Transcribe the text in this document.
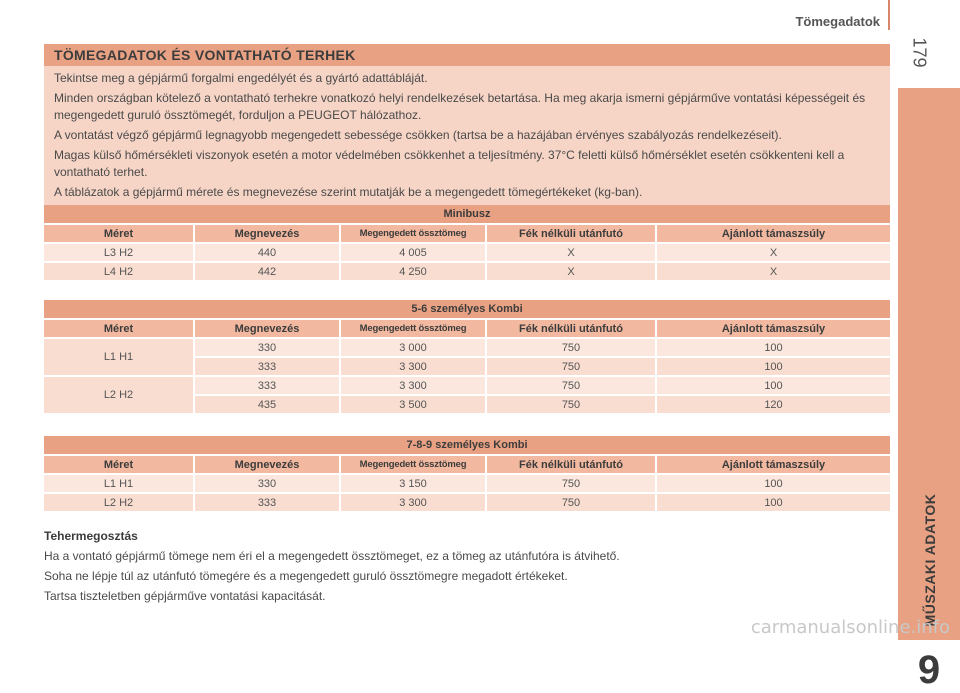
Tömegadatok
179
MŰSZAKI ADATOK
9
TÖMEGADATOK ÉS VONTATHATÓ TERHEK

Tekintse meg a gépjármű forgalmi engedélyét és a gyártó adattábláját.

Minden országban kötelező a vontatható terhekre vonatkozó helyi rendelkezések betartása. Ha meg akarja ismerni gépjárműve vontatási képességeit és megengedett guruló össztömegét, forduljon a PEUGEOT hálózathoz.

A vontatást végző gépjármű legnagyobb megengedett sebessége csökken (tartsa be a hazájában érvényes szabályozás rendelkezéseit).

Magas külső hőmérsékleti viszonyok esetén a motor védelmében csökkenhet a teljesítmény. 37°C feletti külső hőmérséklet esetén csökkenteni kell a vontatható terhet.

A táblázatok a gépjármű mérete és megnevezése szerint mutatják be a megengedett tömegértékeket (kg-ban).

Minibusz				
Méret	Megnevezés	Megengedett össztömeg	Fék nélküli utánfutó	Ajánlott támaszsúly
L3 H2	440	4 005	X	X
L4 H2	442	4 250	X	X
5-6 személyes Kombi				
Méret	Megnevezés	Megengedett össztömeg	Fék nélküli utánfutó	Ajánlott támaszsúly
L1 H1	330	3 000	750	100
	333	3 300	750	100
L2 H2	333	3 300	750	100
	435	3 500	750	120
7-8-9 személyes Kombi				
Méret	Megnevezés	Megengedett össztömeg	Fék nélküli utánfutó	Ajánlott támaszsúly
L1 H1	330	3 150	750	100
L2 H2	333	3 300	750	100
Tehermegosztás

Ha a vontató gépjármű tömege nem éri el a megengedett össztömeget, ez a tömeg az utánfutóra is átvihető.

Soha ne lépje túl az utánfutó tömegére és a megengedett guruló össztömegre megadott értékeket.

Tartsa tiszteletben gépjárműve vontatási kapacitását.

carmanualsonline.info
